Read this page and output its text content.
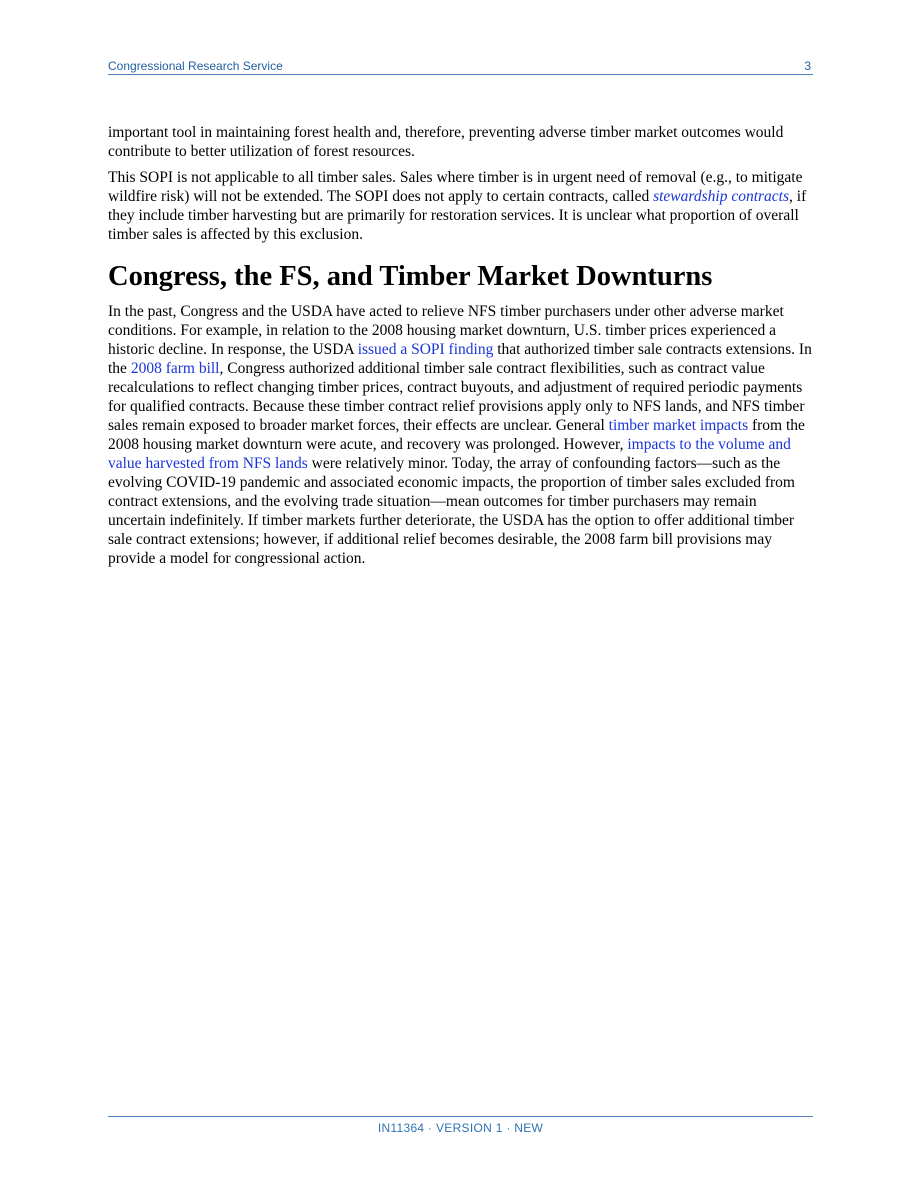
Congressional Research Service	3

important tool in maintaining forest health and, therefore, preventing adverse timber market outcomes would contribute to better utilization of forest resources.

This SOPI is not applicable to all timber sales. Sales where timber is in urgent need of removal (e.g., to mitigate wildfire risk) will not be extended. The SOPI does not apply to certain contracts, called stewardship contracts, if they include timber harvesting but are primarily for restoration services. It is unclear what proportion of overall timber sales is affected by this exclusion.

Congress, the FS, and Timber Market Downturns

In the past, Congress and the USDA have acted to relieve NFS timber purchasers under other adverse market conditions. For example, in relation to the 2008 housing market downturn, U.S. timber prices experienced a historic decline. In response, the USDA issued a SOPI finding that authorized timber sale contracts extensions. In the 2008 farm bill, Congress authorized additional timber sale contract flexibilities, such as contract value recalculations to reflect changing timber prices, contract buyouts, and adjustment of required periodic payments for qualified contracts. Because these timber contract relief provisions apply only to NFS lands, and NFS timber sales remain exposed to broader market forces, their effects are unclear. General timber market impacts from the 2008 housing market downturn were acute, and recovery was prolonged. However, impacts to the volume and value harvested from NFS lands were relatively minor. Today, the array of confounding factors—such as the evolving COVID-19 pandemic and associated economic impacts, the proportion of timber sales excluded from contract extensions, and the evolving trade situation—mean outcomes for timber purchasers may remain uncertain indefinitely. If timber markets further deteriorate, the USDA has the option to offer additional timber sale contract extensions; however, if additional relief becomes desirable, the 2008 farm bill provisions may provide a model for congressional action.

IN11364 · VERSION 1 · NEW
